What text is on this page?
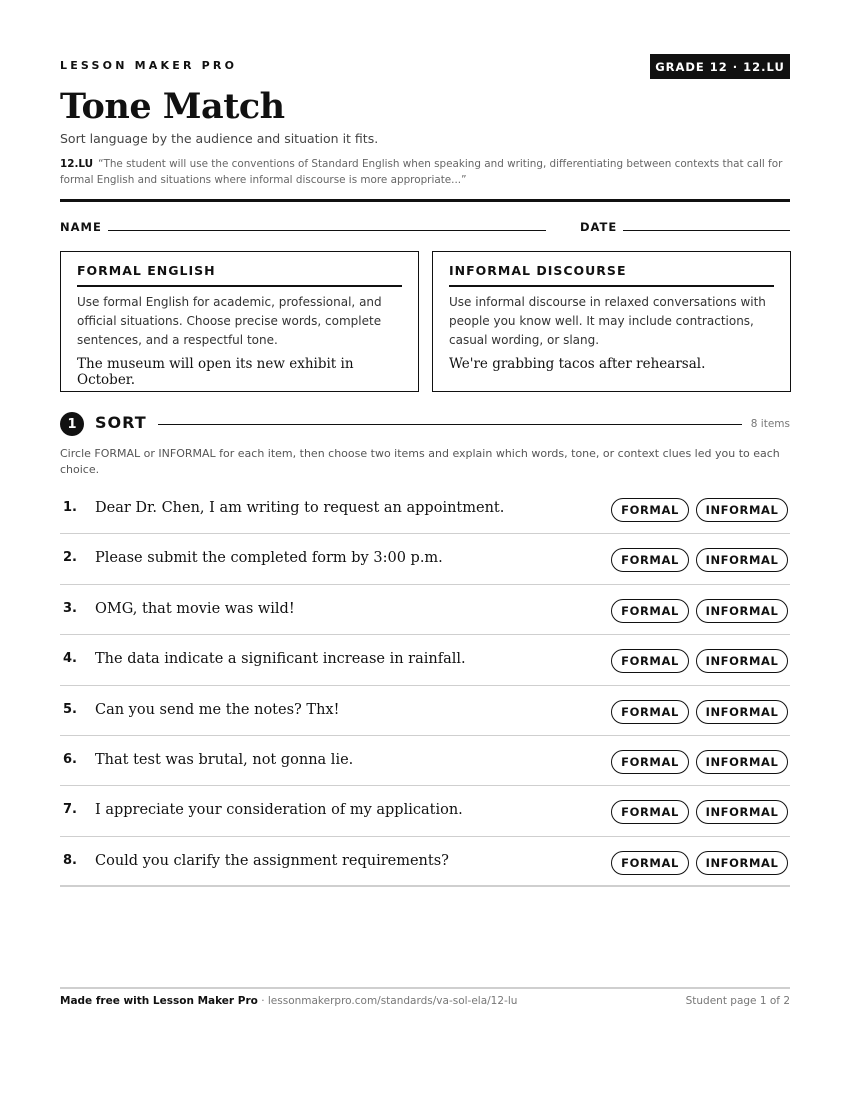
LESSON MAKER PRO	GRADE 12 · 12.LU
Tone Match
Sort language by the audience and situation it fits.
12.LU “The student will use the conventions of Standard English when speaking and writing, differentiating between contexts that call for formal English and situations where informal discourse is more appropriate...”
NAME	DATE
FORMAL ENGLISH
Use formal English for academic, professional, and official situations. Choose precise words, complete sentences, and a respectful tone.
The museum will open its new exhibit in October.
INFORMAL DISCOURSE
Use informal discourse in relaxed conversations with people you know well. It may include contractions, casual wording, or slang.
We're grabbing tacos after rehearsal.
1	SORT	8 items
Circle FORMAL or INFORMAL for each item, then choose two items and explain which words, tone, or context clues led you to each choice.
1. Dear Dr. Chen, I am writing to request an appointment.	FORMAL	INFORMAL
2. Please submit the completed form by 3:00 p.m.	FORMAL	INFORMAL
3. OMG, that movie was wild!	FORMAL	INFORMAL
4. The data indicate a significant increase in rainfall.	FORMAL	INFORMAL
5. Can you send me the notes? Thx!	FORMAL	INFORMAL
6. That test was brutal, not gonna lie.	FORMAL	INFORMAL
7. I appreciate your consideration of my application.	FORMAL	INFORMAL
8. Could you clarify the assignment requirements?	FORMAL	INFORMAL
Made free with Lesson Maker Pro · lessonmakerpro.com/standards/va-sol-ela/12-lu	Student page 1 of 2
